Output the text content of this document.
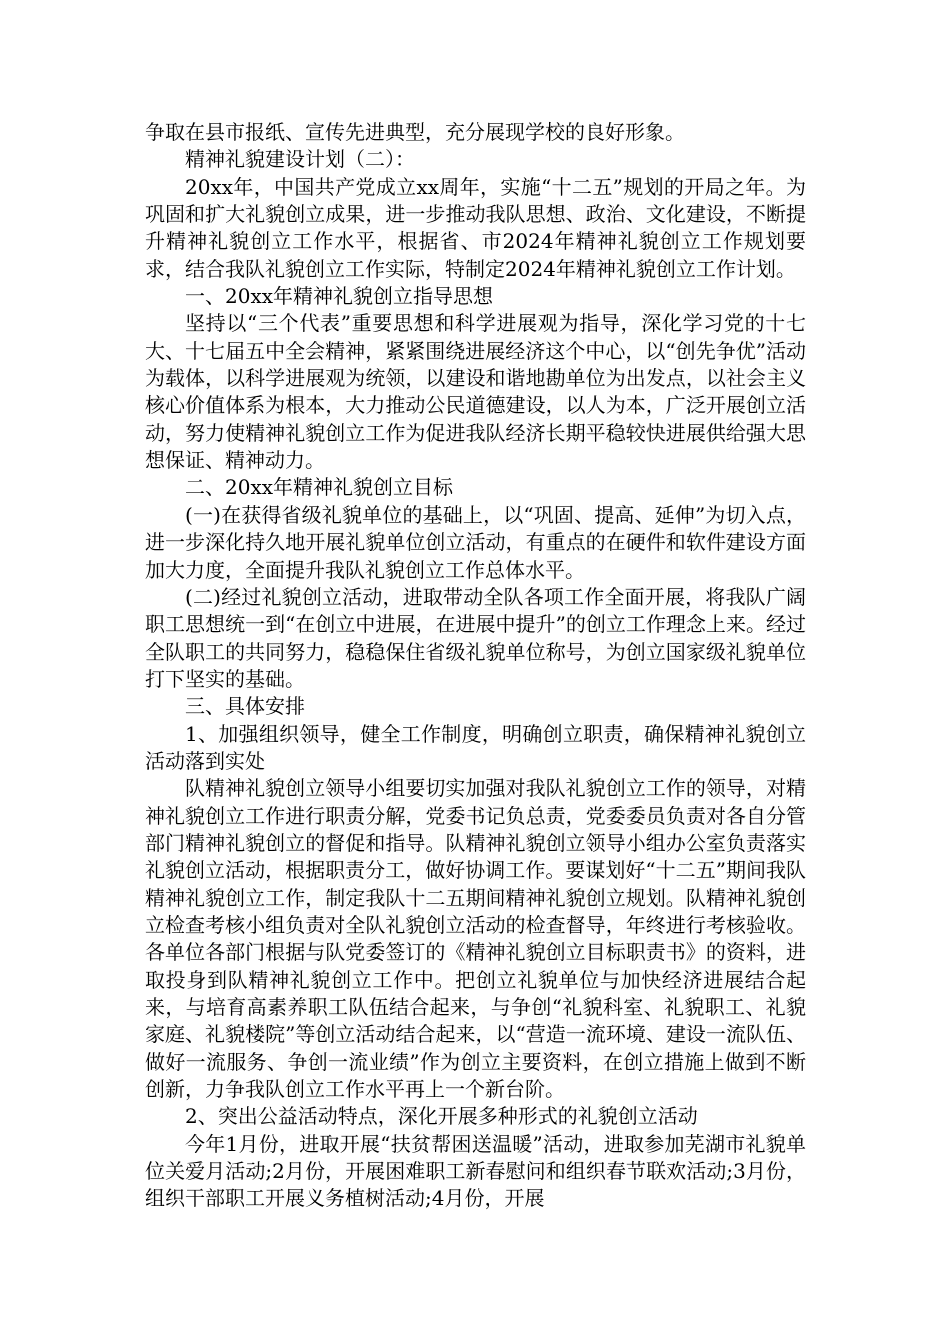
争取在县市报纸、宣传先进典型，充分展现学校的良好形象。

精神礼貌建设计划（二）：

20xx年，中国共产党成立xx周年，实施“十二五”规划的开局之年。为巩固和扩大礼貌创立成果，进一步推动我队思想、政治、文化建设，不断提升精神礼貌创立工作水平，根据省、市2024年精神礼貌创立工作规划要求，结合我队礼貌创立工作实际，特制定2024年精神礼貌创立工作计划。

一、20xx年精神礼貌创立指导思想

坚持以“三个代表”重要思想和科学进展观为指导，深化学习党的十七大、十七届五中全会精神，紧紧围绕进展经济这个中心，以“创先争优”活动为载体，以科学进展观为统领，以建设和谐地勘单位为出发点，以社会主义核心价值体系为根本，大力推动公民道德建设，以人为本，广泛开展创立活动，努力使精神礼貌创立工作为促进我队经济长期平稳较快进展供给强大思想保证、精神动力。

二、20xx年精神礼貌创立目标

(一)在获得省级礼貌单位的基础上，以“巩固、提高、延伸”为切入点，进一步深化持久地开展礼貌单位创立活动，有重点的在硬件和软件建设方面加大力度，全面提升我队礼貌创立工作总体水平。

(二)经过礼貌创立活动，进取带动全队各项工作全面开展，将我队广阔职工思想统一到“在创立中进展，在进展中提升”的创立工作理念上来。经过全队职工的共同努力，稳稳保住省级礼貌单位称号，为创立国家级礼貌单位打下坚实的基础。

三、具体安排

1、加强组织领导，健全工作制度，明确创立职责，确保精神礼貌创立活动落到实处

队精神礼貌创立领导小组要切实加强对我队礼貌创立工作的领导，对精神礼貌创立工作进行职责分解，党委书记负总责，党委委员负责对各自分管部门精神礼貌创立的督促和指导。队精神礼貌创立领导小组办公室负责落实礼貌创立活动，根据职责分工，做好协调工作。要谋划好“十二五”期间我队精神礼貌创立工作，制定我队十二五期间精神礼貌创立规划。队精神礼貌创立检查考核小组负责对全队礼貌创立活动的检查督导，年终进行考核验收。各单位各部门根据与队党委签订的《精神礼貌创立目标职责书》的资料，进取投身到队精神礼貌创立工作中。把创立礼貌单位与加快经济进展结合起来，与培育高素养职工队伍结合起来，与争创“礼貌科室、礼貌职工、礼貌家庭、礼貌楼院”等创立活动结合起来，以“营造一流环境、建设一流队伍、做好一流服务、争创一流业绩”作为创立主要资料，在创立措施上做到不断创新，力争我队创立工作水平再上一个新台阶。

2、突出公益活动特点，深化开展多种形式的礼貌创立活动

今年1月份，进取开展“扶贫帮困送温暖”活动，进取参加芜湖市礼貌单位关爱月活动;2月份，开展困难职工新春慰问和组织春节联欢活动;3月份，组织干部职工开展义务植树活动;4月份，开展
